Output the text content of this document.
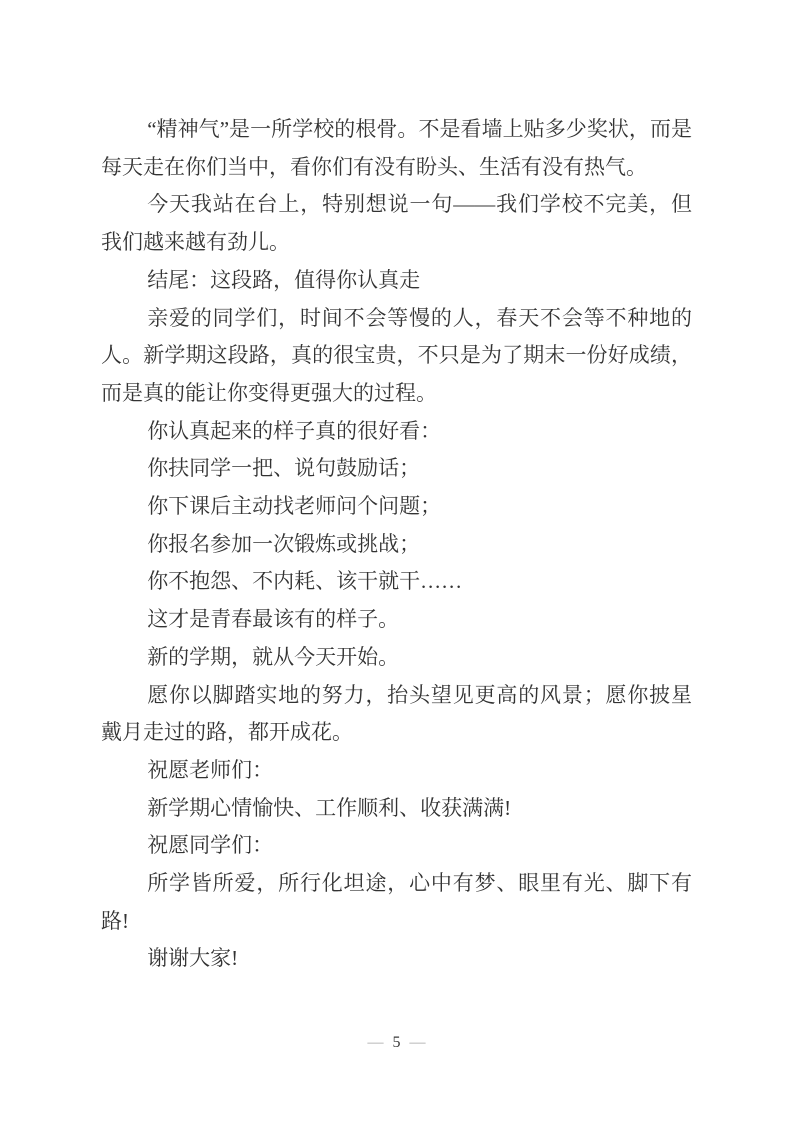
“精神气”是一所学校的根骨。不是看墙上贴多少奖状，而是每天走在你们当中，看你们有没有盼头、生活有没有热气。

今天我站在台上，特别想说一句——我们学校不完美，但我们越来越有劲儿。

结尾：这段路，值得你认真走

亲爱的同学们，时间不会等慢的人，春天不会等不种地的人。新学期这段路，真的很宝贵，不只是为了期末一份好成绩，而是真的能让你变得更强大的过程。

你认真起来的样子真的很好看：

你扶同学一把、说句鼓励话；

你下课后主动找老师问个问题；

你报名参加一次锻炼或挑战；

你不抱怨、不内耗、该干就干……

这才是青春最该有的样子。

新的学期，就从今天开始。

愿你以脚踏实地的努力，抬头望见更高的风景；愿你披星戴月走过的路，都开成花。

祝愿老师们：

新学期心情愉快、工作顺利、收获满满!

祝愿同学们：

所学皆所爱，所行化坦途，心中有梦、眼里有光、脚下有路!

谢谢大家!

— 5 —
